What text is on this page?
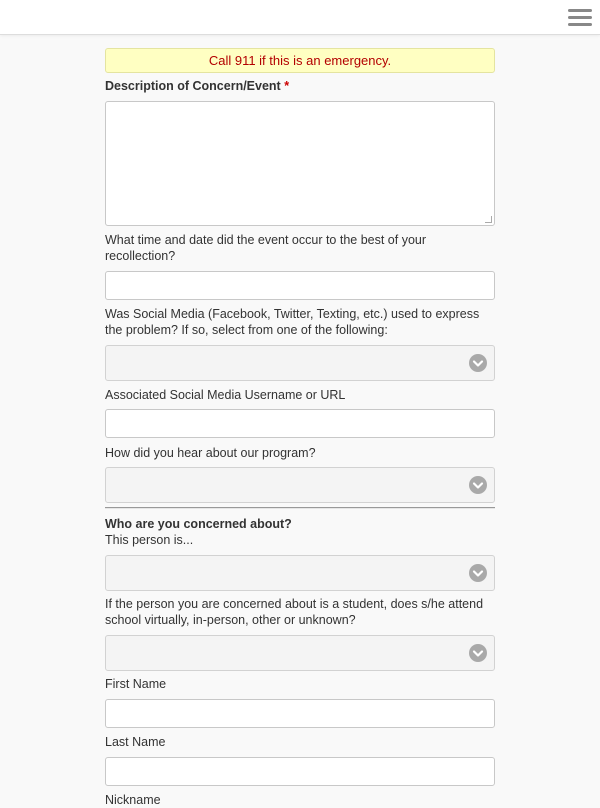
Call 911 if this is an emergency.
Description of Concern/Event *
What time and date did the event occur to the best of your recollection?
Was Social Media (Facebook, Twitter, Texting, etc.) used to express the problem? If so, select from one of the following:
Associated Social Media Username or URL
How did you hear about our program?
Who are you concerned about?
This person is...
If the person you are concerned about is a student, does s/he attend school virtually, in-person, other or unknown?
First Name
Last Name
Nickname
